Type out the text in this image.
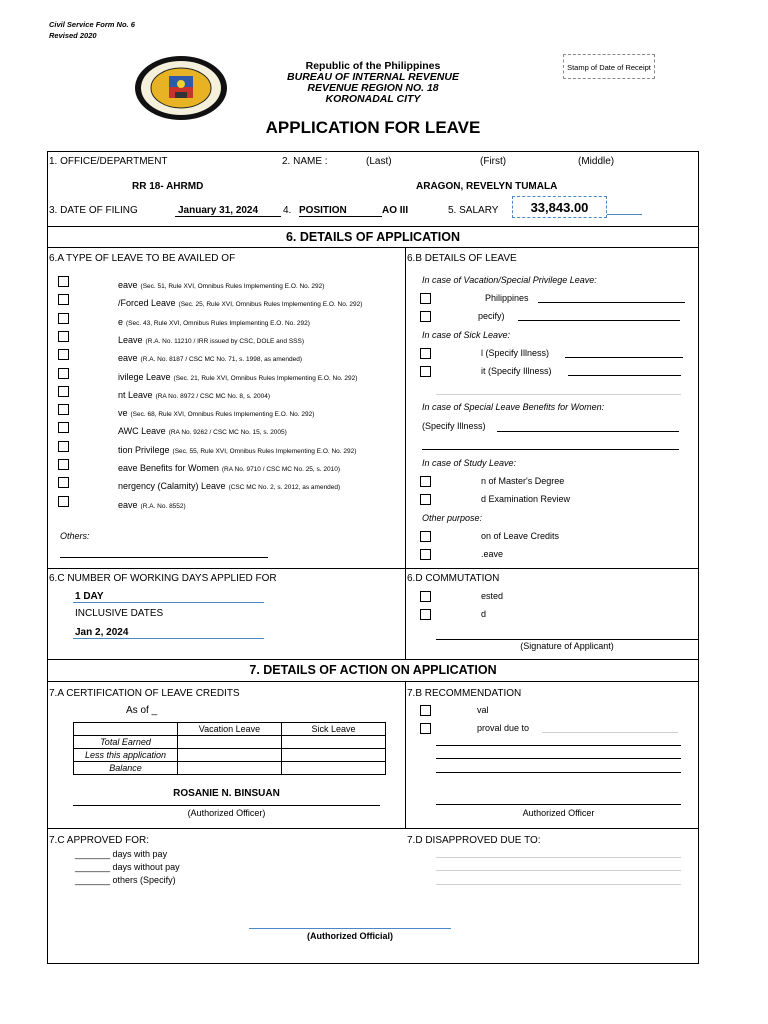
Civil Service Form No. 6
Revised 2020
Republic of the Philippines
BUREAU OF INTERNAL REVENUE
REVENUE REGION NO. 18
KORONADAL CITY
Stamp of Date of Receipt
APPLICATION FOR LEAVE
1. OFFICE/DEPARTMENT	2. NAME :	(Last)	(First)	(Middle)
RR 18- AHRMD	ARAGON, REVELYN TUMALA
3. DATE OF FILING	January 31, 2024 4. POSITION	AO III	5. SALARY	33,843.00
6. DETAILS OF APPLICATION
6.A TYPE OF LEAVE TO BE AVAILED OF
Others:
6.B DETAILS OF LEAVE
In case of Vacation/Special Privilege Leave:
Philippines
pecify)
In case of Sick Leave:
l (Specify Illness)
it (Specify Illness)
In case of Special Leave Benefits for Women:
(Specify Illness)
In case of Study Leave:
n of Master's Degree
d Examination Review
Other purpose:
on of Leave Credits
.eave
6.C NUMBER OF WORKING DAYS APPLIED FOR
1 DAY
INCLUSIVE DATES
Jan 2, 2024
6.D COMMUTATION
ested
d
(Signature of Applicant)
7. DETAILS OF ACTION ON APPLICATION
7.A CERTIFICATION OF LEAVE CREDITS
As of _
	Vacation Leave	Sick Leave
Total Earned		
Less this application		
Balance		
ROSANIE N. BINSUAN
(Authorized Officer)
7.B RECOMMENDATION
val
proval due to
Authorized Officer
7.C APPROVED FOR:
_______ days with pay
_______ days without pay
_______ others (Specify)
7.D DISAPPROVED DUE TO:
(Authorized Official)
eave (Sec. 51, Rule XVI, Omnibus Rules Implementing E.O. No. 292)
/Forced Leave (Sec. 25, Rule XVI, Omnibus Rules Implementing E.O. No. 292)
e (Sec. 43, Rule XVI, Omnibus Rules Implementing E.O. No. 292)
Leave (R.A. No. 11210 / IRR issued by CSC, DOLE and SSS)
eave (R.A. No. 8187 / CSC MC No. 71, s. 1998, as amended)
ivilege Leave (Sec. 21, Rule XVI, Omnibus Rules Implementing E.O. No. 292)
nt Leave (RA No. 8972 / CSC MC No. 8, s. 2004)
ve (Sec. 68, Rule XVI, Omnibus Rules Implementing E.O. No. 292)
AWC Leave (RA No. 9262 / CSC MC No. 15, s. 2005)
tion Privilege (Sec. 55, Rule XVI, Omnibus Rules Implementing E.O. No. 292)
eave Benefits for Women (RA No. 9710 / CSC MC No. 25, s. 2010)
nergency (Calamity) Leave (CSC MC No. 2, s. 2012, as amended)
eave (R.A. No. 8552)
